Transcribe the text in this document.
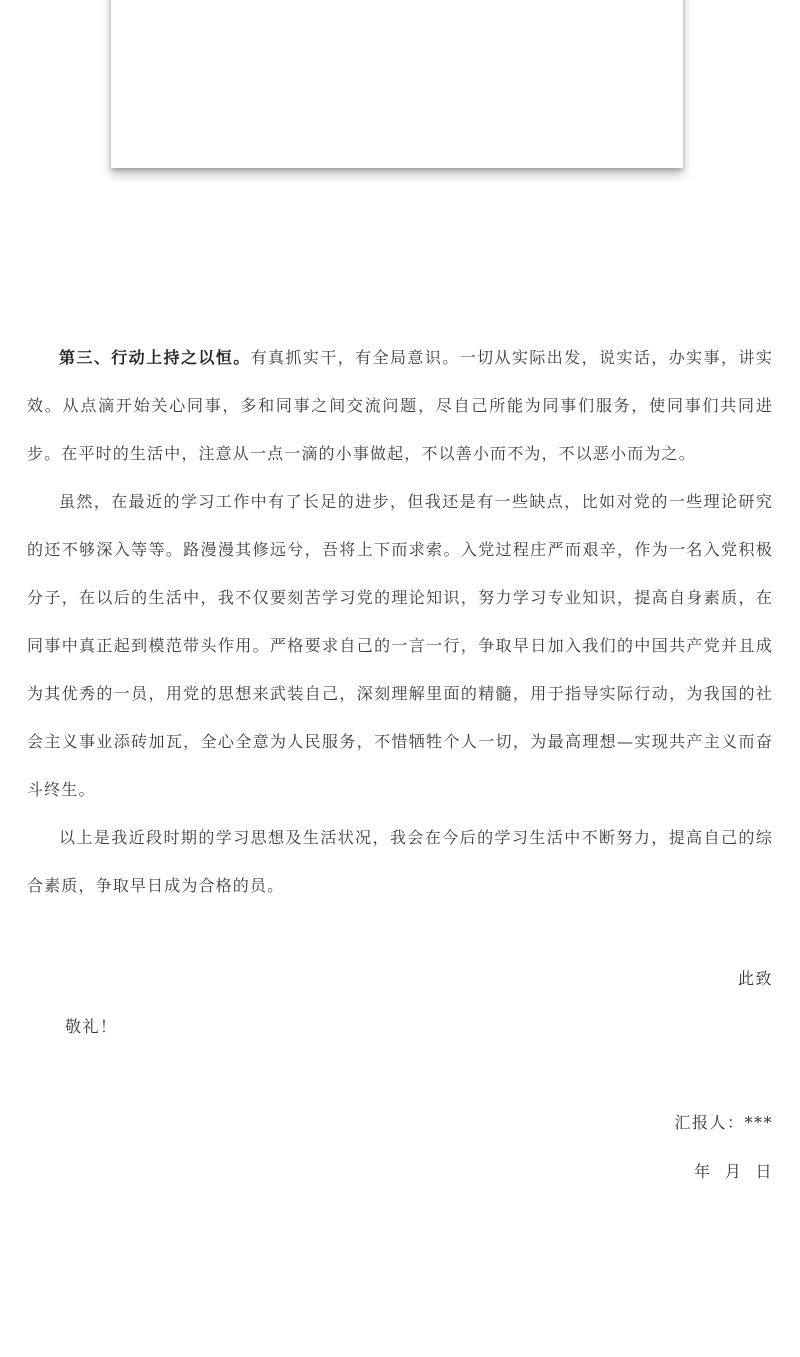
第三、行动上持之以恒。有真抓实干，有全局意识。一切从实际出发，说实话，办实事，讲实效。从点滴开始关心同事，多和同事之间交流问题，尽自己所能为同事们服务，使同事们共同进步。在平时的生活中，注意从一点一滴的小事做起，不以善小而不为，不以恶小而为之。

虽然，在最近的学习工作中有了长足的进步，但我还是有一些缺点，比如对党的一些理论研究的还不够深入等等。路漫漫其修远兮，吾将上下而求索。入党过程庄严而艰辛，作为一名入党积极分子，在以后的生活中，我不仅要刻苦学习党的理论知识，努力学习专业知识，提高自身素质，在同事中真正起到模范带头作用。严格要求自己的一言一行，争取早日加入我们的中国共产党并且成为其优秀的一员，用党的思想来武装自己，深刻理解里面的精髓，用于指导实际行动，为我国的社会主义事业添砖加瓦，全心全意为人民服务，不惜牺牲个人一切，为最高理想—实现共产主义而奋斗终生。

以上是我近段时期的学习思想及生活状况，我会在今后的学习生活中不断努力，提高自己的综合素质，争取早日成为合格的员。

此致
敬礼！
汇报人：***
年  月  日
